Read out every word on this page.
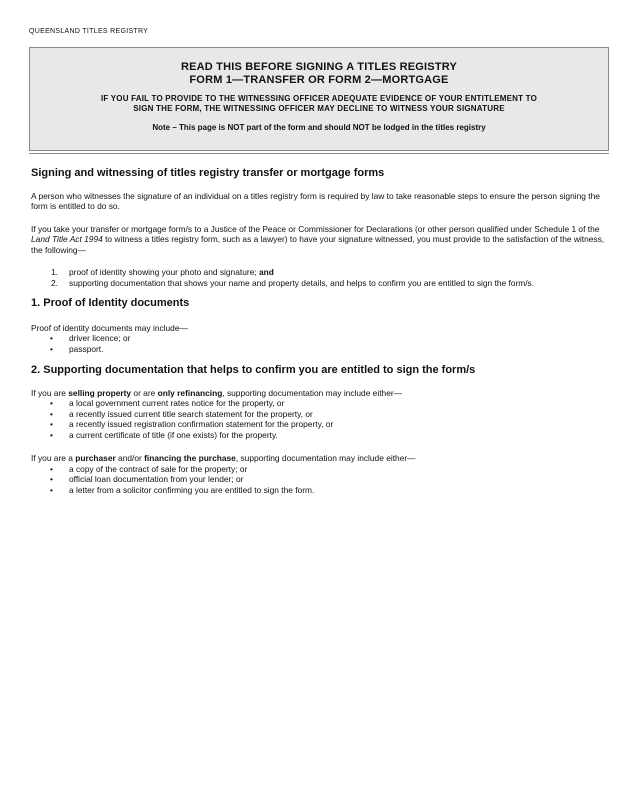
QUEENSLAND TITLES REGISTRY
READ THIS BEFORE SIGNING A TITLES REGISTRY
FORM 1—TRANSFER OR FORM 2—MORTGAGE
IF YOU FAIL TO PROVIDE TO THE WITNESSING OFFICER ADEQUATE EVIDENCE OF YOUR ENTITLEMENT TO
SIGN THE FORM, THE WITNESSING OFFICER MAY DECLINE TO WITNESS YOUR SIGNATURE
Note – This page is NOT part of the form and should NOT be lodged in the titles registry
Signing and witnessing of titles registry transfer or mortgage forms

A person who witnesses the signature of an individual on a titles registry form is required by law to take reasonable steps to ensure the person signing the form is entitled to do so.

If you take your transfer or mortgage form/s to a Justice of the Peace or Commissioner for Declarations (or other person qualified under Schedule 1 of the Land Title Act 1994 to witness a titles registry form, such as a lawyer) to have your signature witnessed, you must provide to the satisfaction of the witness, the following—

1. proof of identity showing your photo and signature; and
2. supporting documentation that shows your name and property details, and helps to confirm you are entitled to sign the form/s.
1. Proof of Identity documents

Proof of identity documents may include—

• driver licence; or
• passport.
2. Supporting documentation that helps to confirm you are entitled to sign the form/s

If you are selling property or are only refinancing, supporting documentation may include either—

• a local government current rates notice for the property, or
• a recently issued current title search statement for the property, or
• a recently issued registration confirmation statement for the property, or
• a current certificate of title (if one exists) for the property.

If you are a purchaser and/or financing the purchase, supporting documentation may include either—

• a copy of the contract of sale for the property; or
• official loan documentation from your lender; or
• a letter from a solicitor confirming you are entitled to sign the form.
